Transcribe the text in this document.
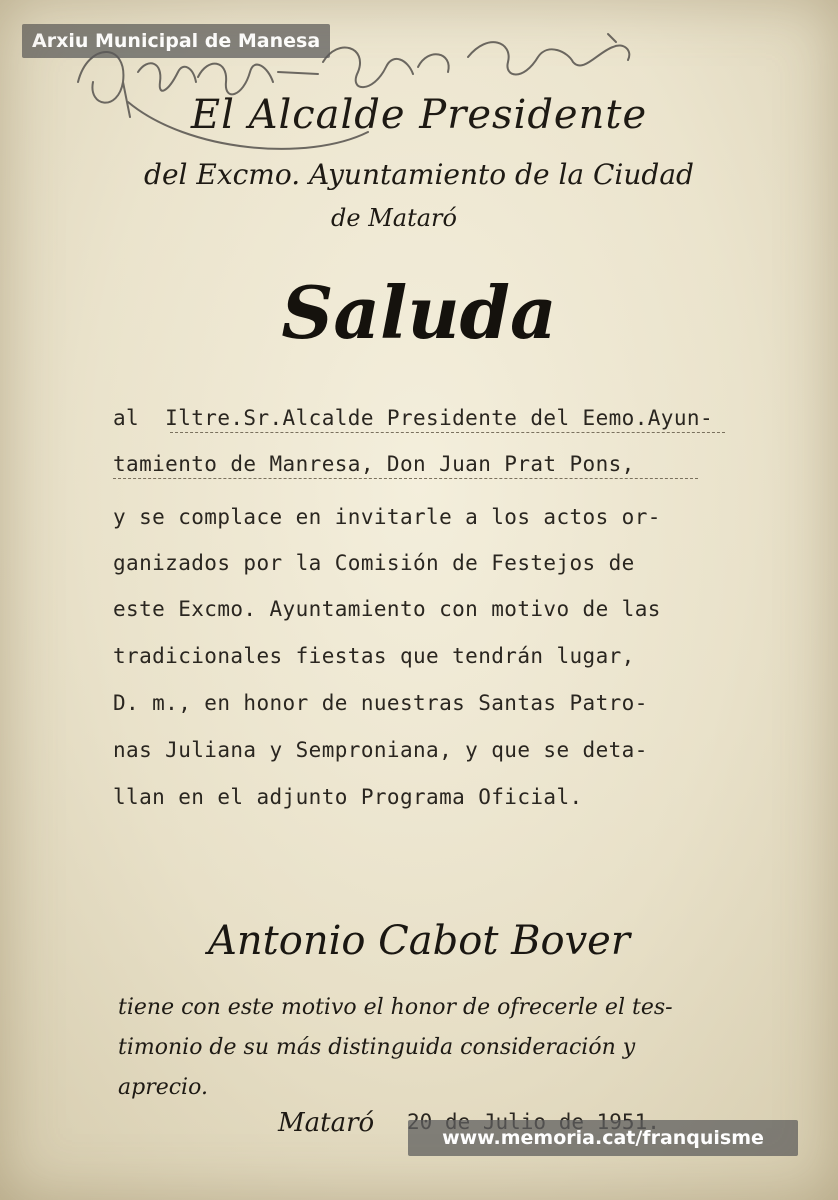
Arxiu Municipal de Manesa
El Alcalde Presidente
del Excmo. Ayuntamiento de la Ciudad
de Mataró
Saluda
al  Iltre.Sr.Alcalde Presidente del Eemo.Ayun-
tamiento de Manresa, Don Juan Prat Pons,
y se complace en invitarle a los actos or-
ganizados por la Comisión de Festejos de
este Excmo. Ayuntamiento con motivo de las
tradicionales fiestas que tendrán lugar,
D. m., en honor de nuestras Santas Patro-
nas Juliana y Semproniana, y que se deta-
llan en el adjunto Programa Oficial.
Antonio Cabot Bover
tiene con este motivo el honor de ofrecerle el tes-
timonio de su más distinguida consideración y
aprecio.
Mataró	www.memoria.cat/franquisme
